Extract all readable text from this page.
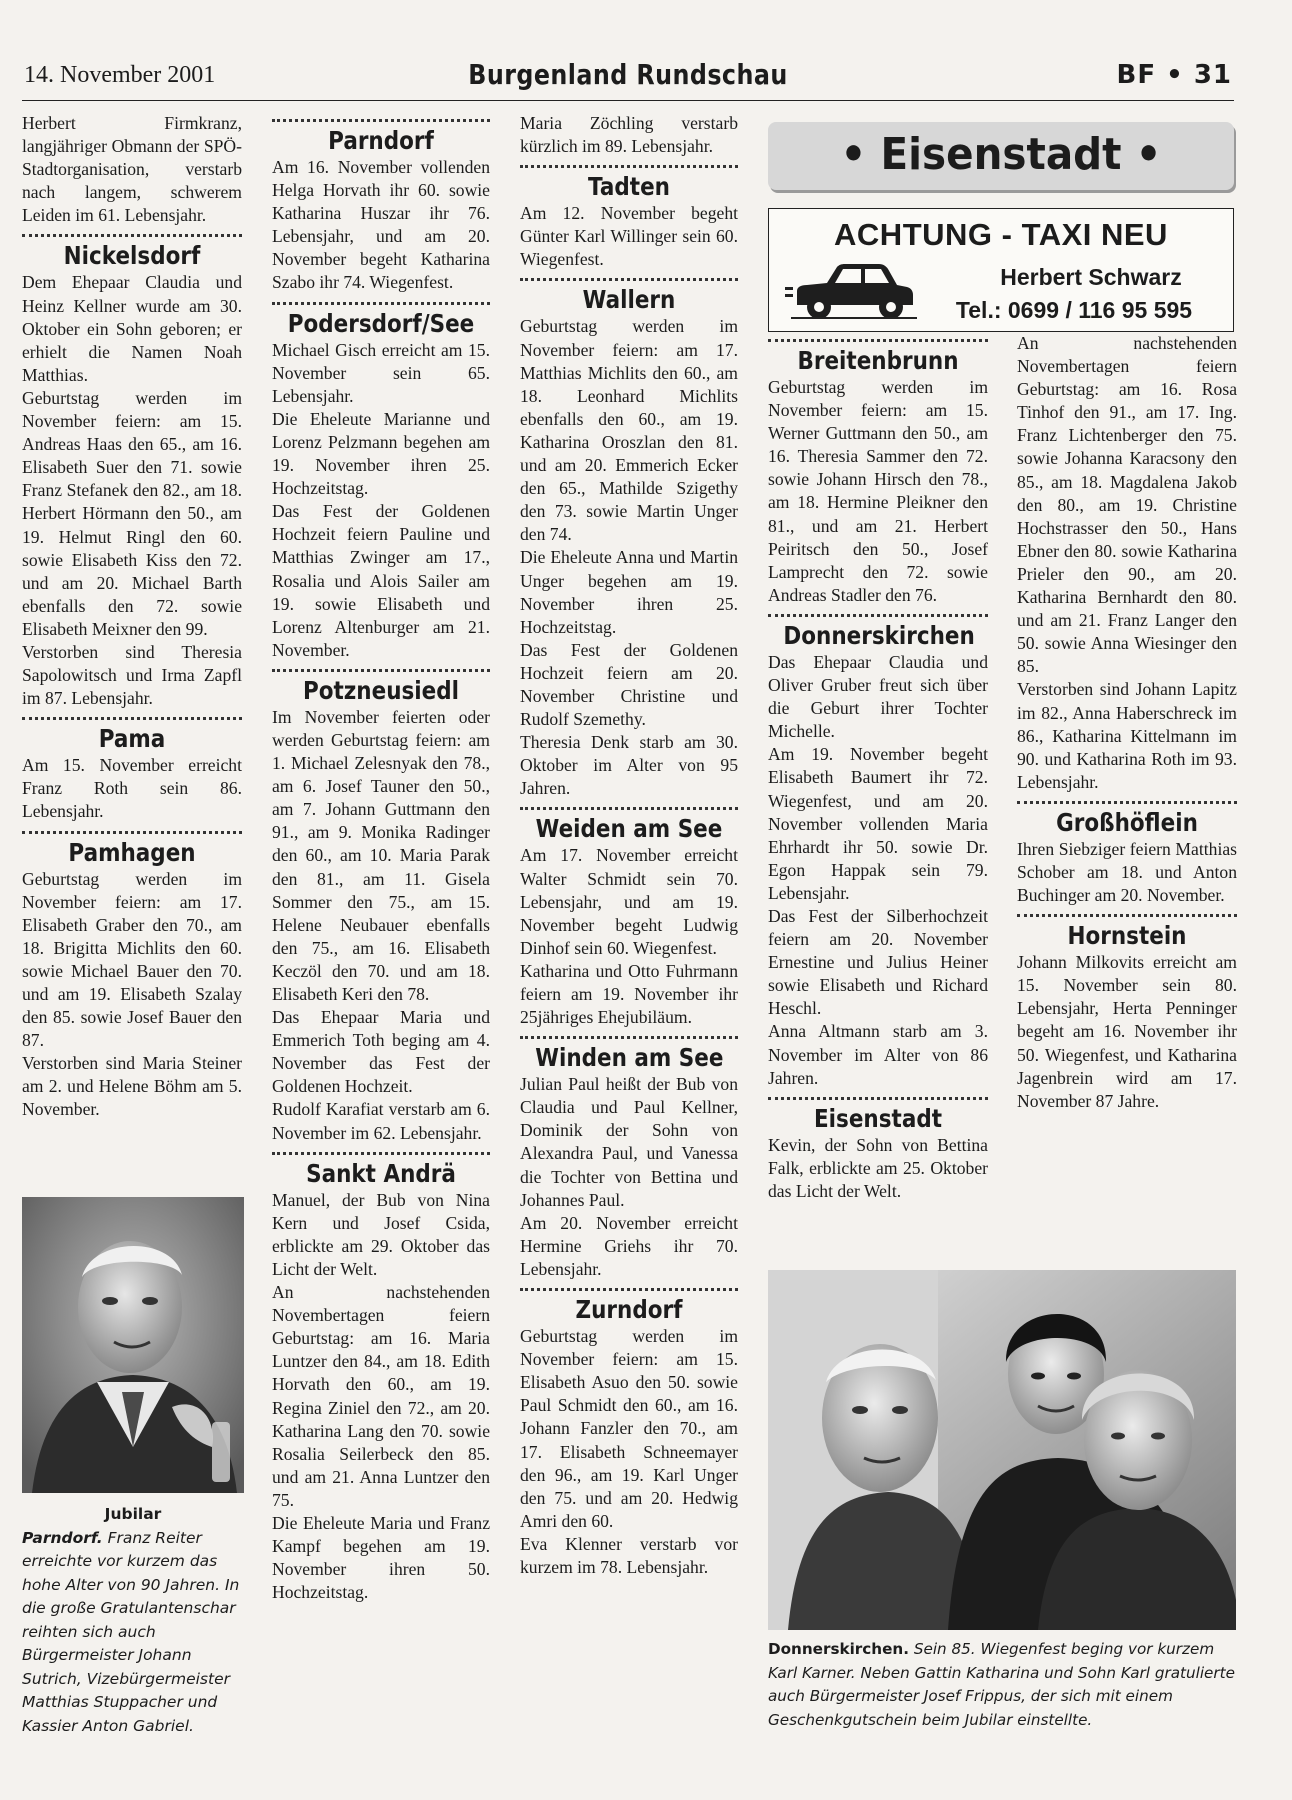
14. November 2001	Burgenland Rundschau	BF • 31

Herbert Firmkranz, langjähriger Obmann der SPÖ-Stadtorganisation, verstarb nach langem, schwerem Leiden im 61. Lebensjahr.

Nickelsdorf

Dem Ehepaar Claudia und Heinz Kellner wurde am 30. Oktober ein Sohn geboren; er erhielt die Namen Noah Matthias.

Geburtstag werden im November feiern: am 15. Andreas Haas den 65., am 16. Elisabeth Suer den 71. sowie Franz Stefanek den 82., am 18. Herbert Hörmann den 50., am 19. Helmut Ringl den 60. sowie Elisabeth Kiss den 72. und am 20. Michael Barth ebenfalls den 72. sowie Elisabeth Meixner den 99.

Verstorben sind Theresia Sapolowitsch und Irma Zapfl im 87. Lebensjahr.

Pama

Am 15. November erreicht Franz Roth sein 86. Lebensjahr.

Pamhagen

Geburtstag werden im November feiern: am 17. Elisabeth Graber den 70., am 18. Brigitta Michlits den 60. sowie Michael Bauer den 70. und am 19. Elisabeth Szalay den 85. sowie Josef Bauer den 87.

Verstorben sind Maria Steiner am 2. und Helene Böhm am 5. November.

Parndorf

Am 16. November vollenden Helga Horvath ihr 60. sowie Katharina Huszar ihr 76. Lebensjahr, und am 20. November begeht Katharina Szabo ihr 74. Wiegenfest.

Podersdorf/See

Michael Gisch erreicht am 15. November sein 65. Lebensjahr.

Die Eheleute Marianne und Lorenz Pelzmann begehen am 19. November ihren 25. Hochzeitstag.

Das Fest der Goldenen Hochzeit feiern Pauline und Matthias Zwinger am 17., Rosalia und Alois Sailer am 19. sowie Elisabeth und Lorenz Altenburger am 21. November.

Potzneusiedl

Im November feierten oder werden Geburtstag feiern: am 1. Michael Zelesnyak den 78., am 6. Josef Tauner den 50., am 7. Johann Guttmann den 91., am 9. Monika Radinger den 60., am 10. Maria Parak den 81., am 11. Gisela Sommer den 75., am 15. Helene Neubauer ebenfalls den 75., am 16. Elisabeth Keczöl den 70. und am 18. Elisabeth Keri den 78.

Das Ehepaar Maria und Emmerich Toth beging am 4. November das Fest der Goldenen Hochzeit.

Rudolf Karafiat verstarb am 6. November im 62. Lebensjahr.

Sankt Andrä

Manuel, der Bub von Nina Kern und Josef Csida, erblickte am 29. Oktober das Licht der Welt.

An nachstehenden Novembertagen feiern Geburtstag: am 16. Maria Luntzer den 84., am 18. Edith Horvath den 60., am 19. Regina Ziniel den 72., am 20. Katharina Lang den 70. sowie Rosalia Seilerbeck den 85. und am 21. Anna Luntzer den 75.

Die Eheleute Maria und Franz Kampf begehen am 19. November ihren 50. Hochzeitstag.

Maria Zöchling verstarb kürzlich im 89. Lebensjahr.

Tadten

Am 12. November begeht Günter Karl Willinger sein 60. Wiegenfest.

Wallern

Geburtstag werden im November feiern: am 17. Matthias Michlits den 60., am 18. Leonhard Michlits ebenfalls den 60., am 19. Katharina Oroszlan den 81. und am 20. Emmerich Ecker den 65., Mathilde Szigethy den 73. sowie Martin Unger den 74.

Die Eheleute Anna und Martin Unger begehen am 19. November ihren 25. Hochzeitstag.

Das Fest der Goldenen Hochzeit feiern am 20. November Christine und Rudolf Szemethy.

Theresia Denk starb am 30. Oktober im Alter von 95 Jahren.

Weiden am See

Am 17. November erreicht Walter Schmidt sein 70. Lebensjahr, und am 19. November begeht Ludwig Dinhof sein 60. Wiegenfest.

Katharina und Otto Fuhrmann feiern am 19. November ihr 25jähriges Ehejubiläum.

Winden am See

Julian Paul heißt der Bub von Claudia und Paul Kellner, Dominik der Sohn von Alexandra Paul, und Vanessa die Tochter von Bettina und Johannes Paul.

Am 20. November erreicht Hermine Griehs ihr 70. Lebensjahr.

Zurndorf

Geburtstag werden im November feiern: am 15. Elisabeth Asuo den 50. sowie Paul Schmidt den 60., am 16. Johann Fanzler den 70., am 17. Elisabeth Schneemayer den 96., am 19. Karl Unger den 75. und am 20. Hedwig Amri den 60.

Eva Klenner verstarb vor kurzem im 78. Lebensjahr.

Breitenbrunn

Geburtstag werden im November feiern: am 15. Werner Guttmann den 50., am 16. Theresia Sammer den 72. sowie Johann Hirsch den 78., am 18. Hermine Pleikner den 81., und am 21. Herbert Peiritsch den 50., Josef Lamprecht den 72. sowie Andreas Stadler den 76.

Donnerskirchen

Das Ehepaar Claudia und Oliver Gruber freut sich über die Geburt ihrer Tochter Michelle.

Am 19. November begeht Elisabeth Baumert ihr 72. Wiegenfest, und am 20. November vollenden Maria Ehrhardt ihr 50. sowie Dr. Egon Happak sein 79. Lebensjahr.

Das Fest der Silberhochzeit feiern am 20. November Ernestine und Julius Heiner sowie Elisabeth und Richard Heschl.

Anna Altmann starb am 3. November im Alter von 86 Jahren.

Eisenstadt

Kevin, der Sohn von Bettina Falk, erblickte am 25. Oktober das Licht der Welt.

An nachstehenden Novembertagen feiern Geburtstag: am 16. Rosa Tinhof den 91., am 17. Ing. Franz Lichtenberger den 75. sowie Johanna Karacsony den 85., am 18. Magdalena Jakob den 80., am 19. Christine Hochstrasser den 50., Hans Ebner den 80. sowie Katharina Prieler den 90., am 20. Katharina Bernhardt den 80. und am 21. Franz Langer den 50. sowie Anna Wiesinger den 85.

Verstorben sind Johann Lapitz im 82., Anna Haberschreck im 86., Katharina Kittelmann im 90. und Katharina Roth im 93. Lebensjahr.

Großhöflein

Ihren Siebziger feiern Matthias Schober am 18. und Anton Buchinger am 20. November.

Hornstein

Johann Milkovits erreicht am 15. November sein 80. Lebensjahr, Herta Penninger begeht am 16. November ihr 50. Wiegenfest, und Katharina Jagenbrein wird am 17. November 87 Jahre.

Jubilar
Parndorf. Franz Reiter erreichte vor kurzem das hohe Alter von 90 Jahren. In die große Gratulantenschar reihten sich auch Bürgermeister Johann Sutrich, Vizebürgermeister Matthias Stuppacher und Kassier Anton Gabriel.
• Eisenstadt •
ACHTUNG - TAXI NEU
Herbert Schwarz
Tel.: 0699 / 116 95 595
Donnerskirchen. Sein 85. Wiegenfest beging vor kurzem Karl Karner. Neben Gattin Katharina und Sohn Karl gratulierte auch Bürgermeister Josef Frippus, der sich mit einem Geschenkgutschein beim Jubilar einstellte.
